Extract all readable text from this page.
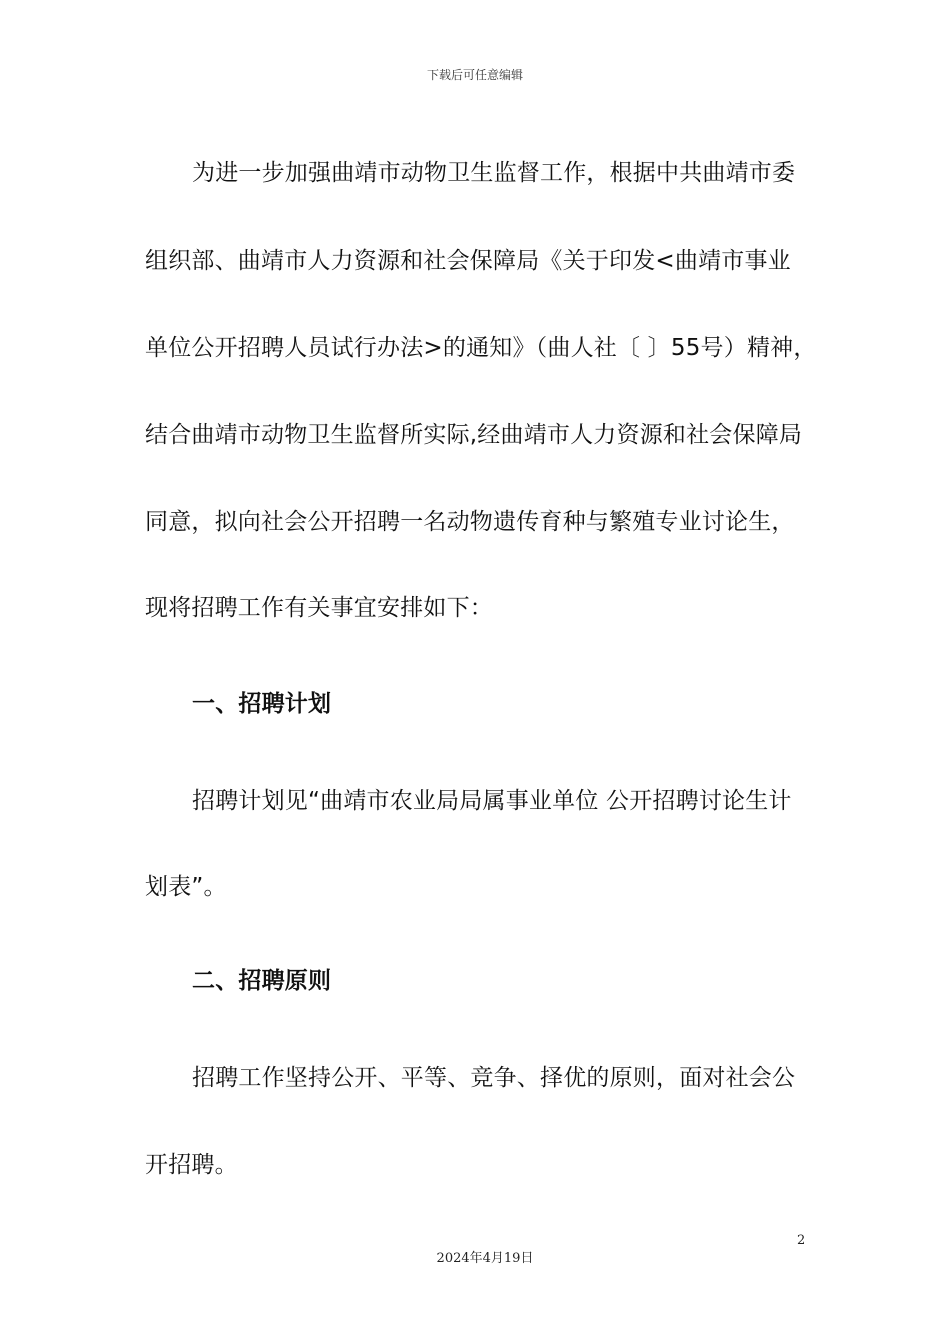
下载后可任意编辑
为进一步加强曲靖市动物卫生监督工作，根据中共曲靖市委
组织部、曲靖市人力资源和社会保障局《关于印发<曲靖市事业
单位公开招聘人员试行办法>的通知》（曲人社〔 〕55号）精神，
结合曲靖市动物卫生监督所实际,经曲靖市人力资源和社会保障局
同意，拟向社会公开招聘一名动物遗传育种与繁殖专业讨论生，
现将招聘工作有关事宜安排如下：
一、招聘计划
招聘计划见“曲靖市农业局局属事业单位 公开招聘讨论生计
划表”。
二、招聘原则
招聘工作坚持公开、平等、竞争、择优的原则，面对社会公
开招聘。
2
2024年4月19日
